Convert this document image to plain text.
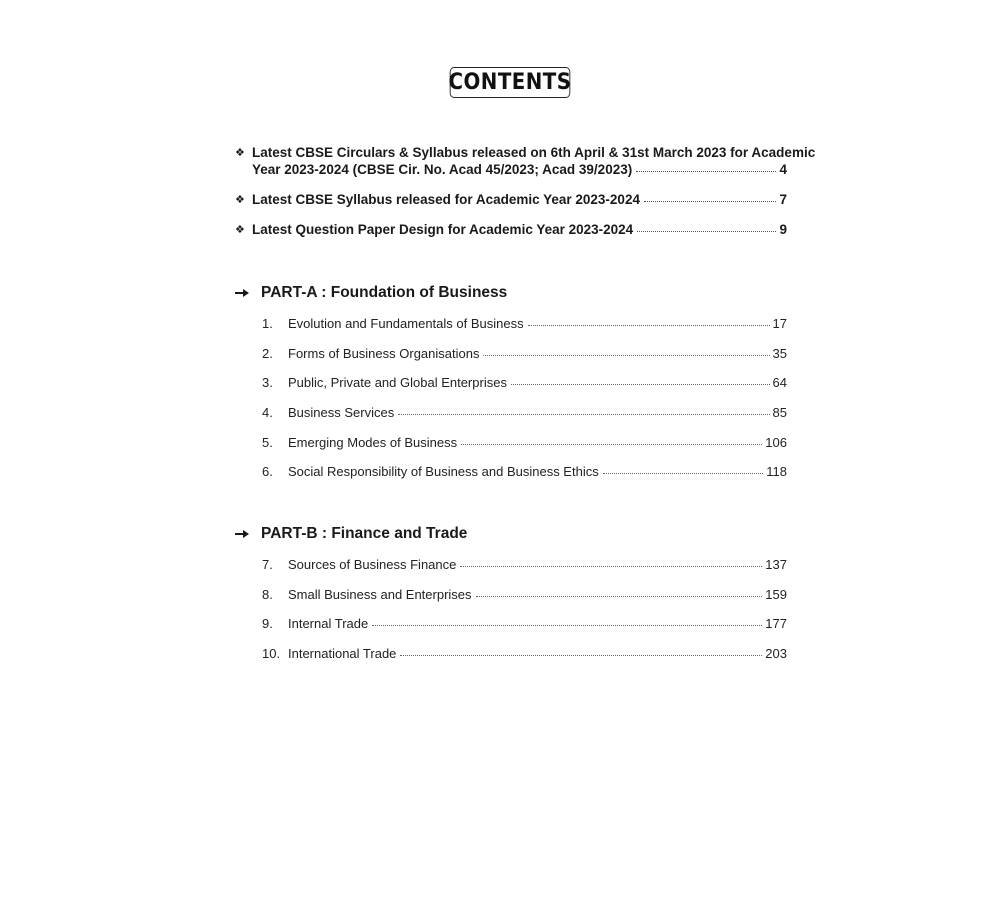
CONTENTS
❖ Latest CBSE Circulars & Syllabus released on 6th April & 31st March 2023 for Academic
Year 2023-2024 (CBSE Cir. No. Acad 45/2023; Acad 39/2023)	4
❖ Latest CBSE Syllabus released for Academic Year 2023-2024	7
❖ Latest Question Paper Design for Academic Year 2023-2024	9
PART-A : Foundation of Business
1.	Evolution and Fundamentals of Business	17
2.	Forms of Business Organisations	35
3.	Public, Private and Global Enterprises	64
4.	Business Services	85
5.	Emerging Modes of Business	106
6.	Social Responsibility of Business and Business Ethics	118
PART-B : Finance and Trade
7.	Sources of Business Finance	137
8.	Small Business and Enterprises	159
9.	Internal Trade	177
10. International Trade	203
